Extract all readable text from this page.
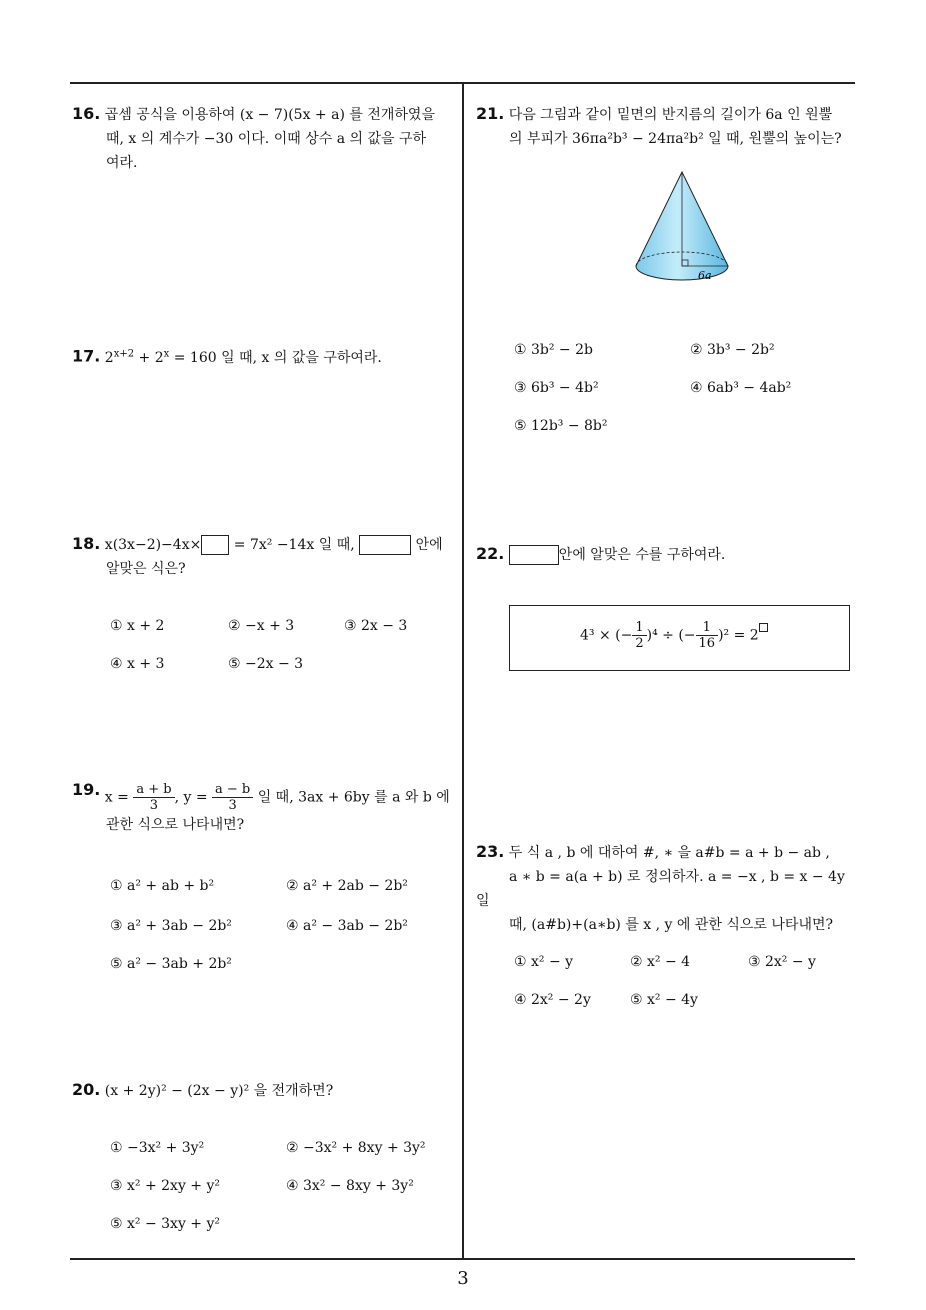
16. 곱셈 공식을 이용하여 (x − 7)(5x + a) 를 전개하였을
때, x 의 계수가 −30 이다. 이때 상수 a 의 값을 구하
여라.
17. $2^{x+2} + 2^x = 160$ 일 때, x 의 값을 구하여라.
18. x(3x−2)−4x× = 7x² −14x 일 때,	안에
알맞은 식은?
① x + 2	② −x + 3	③ 2x − 3
④ x + 3	⑤ −2x − 3
19. $x = \frac{a + b}{3}$ , $y = \frac{a - b}{3}$ 일 때, 3ax + 6by 를 a 와 b 에
관한 식으로 나타내면?
① a² + ab + b²	② a² + 2ab − 2b²
③ a² + 3ab − 2b²	④ a² − 3ab − 2b²
⑤ a² − 3ab + 2b²
20. (x + 2y)² − (2x − y)² 을 전개하면?
① −3x² + 3y²	② −3x² + 8xy + 3y²
③ x² + 2xy + y²	④ 3x² − 8xy + 3y²
⑤ x² − 3xy + y²
21. 다음 그림과 같이 밑면의 반지름의 길이가 6a 인 원뿔
의 부피가 36πa²b³ − 24πa²b² 일 때, 원뿔의 높이는?
6a
① 3b² − 2b	② 3b³ − 2b²
③ 6b³ − 4b²	④ 6ab³ − 4ab²
⑤ 12b³ − 8b²
22.	안에 알맞은 수를 구하여라.
4³ × (− $\frac{1}{2} )^4$ ÷ (− $\frac{1}{16} )^2 = 2$
23. 두 식 a , b 에 대하여 #, ∗ 을 a#b = a + b − ab ,
a ∗ b = a(a + b) 로 정의하자. a = −x , b = x − 4y 일
때, (a#b)+(a∗b) 를 x , y 에 관한 식으로 나타내면?
① x² − y	② x² − 4	③ 2x² − y
④ 2x² − 2y	⑤ x² − 4y
3
